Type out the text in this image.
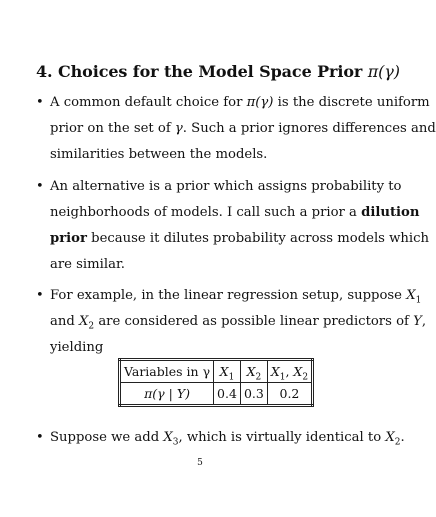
4. Choices for the Model Space Prior π(γ)
• A common default choice for π(γ) is the discrete uniform
prior on the set of γ. Such a prior ignores differences and
similarities between the models.
• An alternative is a prior which assigns probability to
neighborhoods of models. I call such a prior a dilution
prior because it dilutes probability across models which
are similar.
• For example, in the linear regression setup, suppose $X_1$
and $X_2$ are considered as possible linear predictors of Y,
yielding
Variables in γ	$X_1$	$X_2$	$X_1$, $X_2$
π(γ | Y)	0.4	0.3	0.2
• Suppose we add $X_3$, which is virtually identical to $X_2$.
5
